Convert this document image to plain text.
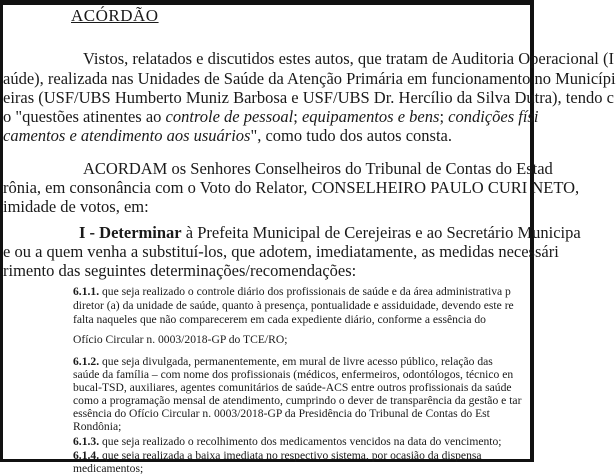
ACÓRDÃO
Vistos, relatados e discutidos estes autos, que tratam de Auditoria Operacional (I
aúde), realizada nas Unidades de Saúde da Atenção Primária em funcionamento no Municípi
eiras (USF/UBS Humberto Muniz Barbosa e USF/UBS Dr. Hercílio da Silva Dutra), tendo c
o "questões atinentes ao controle de pessoal; equipamentos e bens; condições físi
camentos e atendimento aos usuários", como tudo dos autos consta.
ACORDAM os Senhores Conselheiros do Tribunal de Contas do Estad
rônia, em consonância com o Voto do Relator, CONSELHEIRO PAULO CURI NETO,
imidade de votos, em:
I - Determinar à Prefeita Municipal de Cerejeiras e ao Secretário Municipa
e ou a quem venha a substituí-los, que adotem, imediatamente, as medidas necessári
rimento das seguintes determinações/recomendações:
6.1.1. que seja realizado o controle diário dos profissionais de saúde e da área administrativa p
diretor (a) da unidade de saúde, quanto à presença, pontualidade e assiduidade, devendo este re
falta naqueles que não comparecerem em cada expediente diário, conforme a essência do
Ofício Circular n. 0003/2018-GP do TCE/RO;
6.1.2. que seja divulgada, permanentemente, em mural de livre acesso público, relação das
saúde da família – com nome dos profissionais (médicos, enfermeiros, odontólogos, técnico en
bucal-TSD, auxiliares, agentes comunitários de saúde-ACS entre outros profissionais da saúde
como a programação mensal de atendimento, cumprindo o dever de transparência da gestão e tar
essência do Ofício Circular n. 0003/2018-GP da Presidência do Tribunal de Contas do Est
Rondônia;
6.1.3. que seja realizado o recolhimento dos medicamentos vencidos na data do vencimento;
6.1.4. que seja realizada a baixa imediata no respectivo sistema, por ocasião da dispensa
medicamentos;
